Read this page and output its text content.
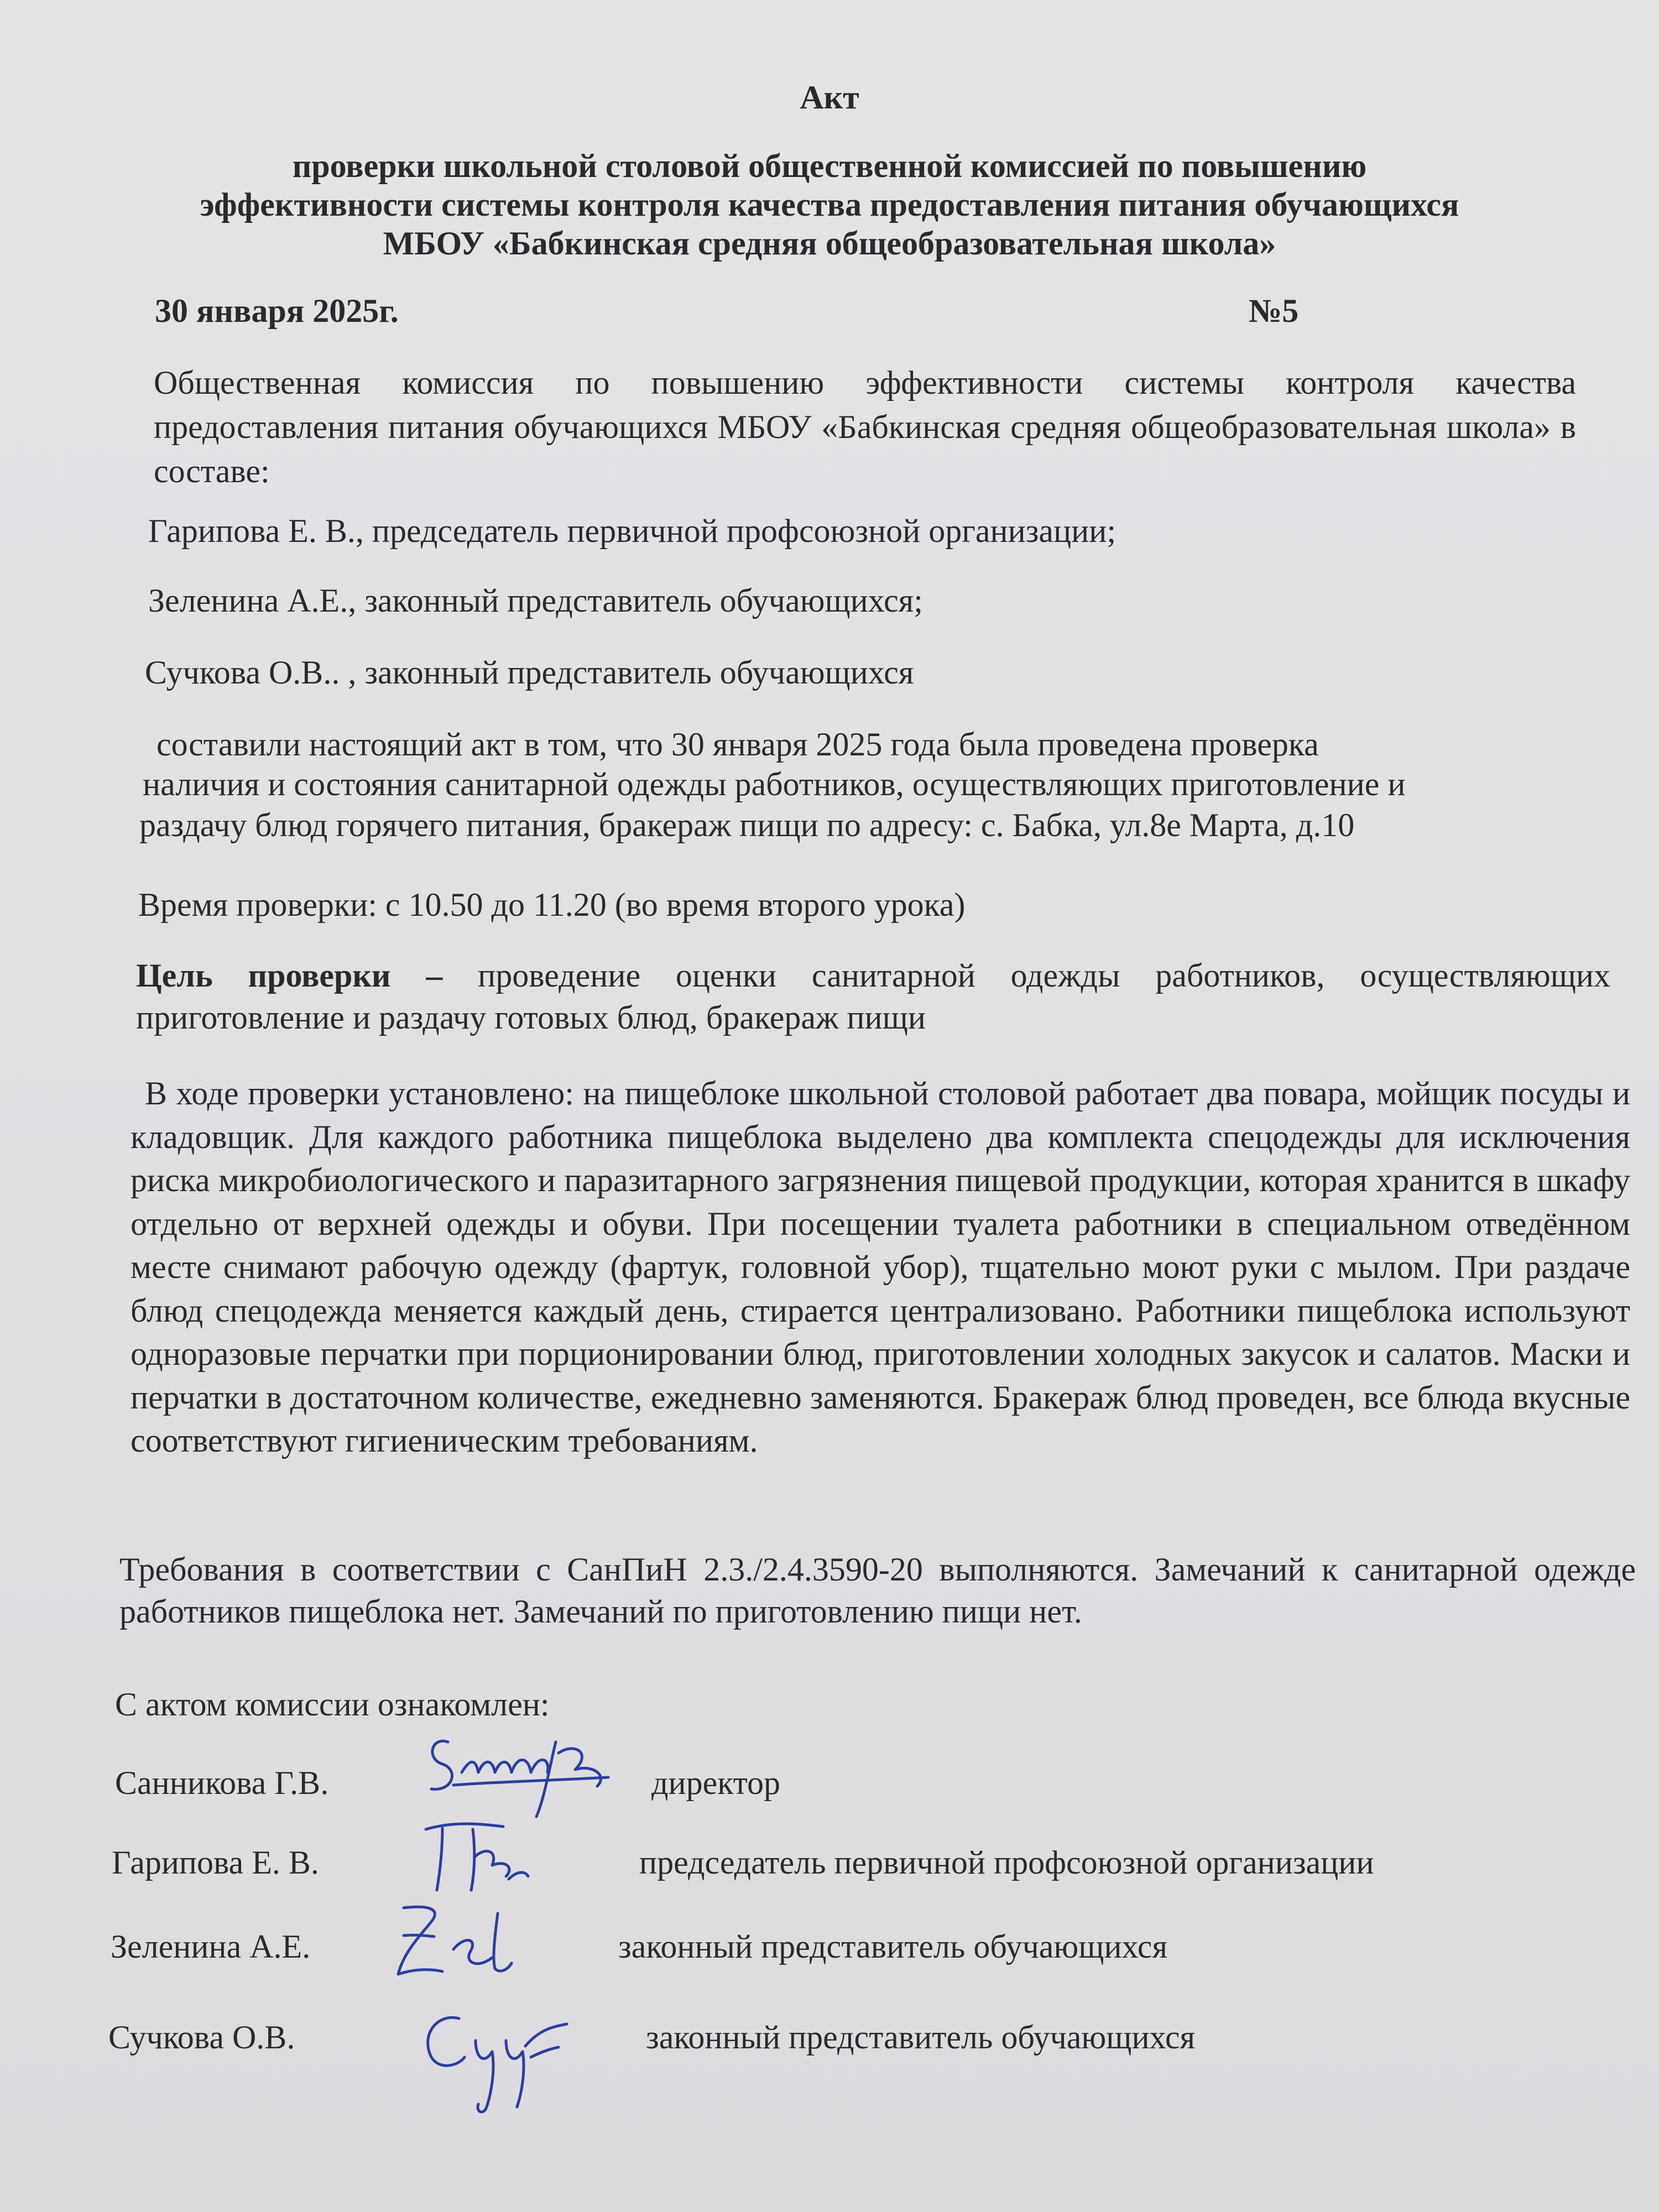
Акт
проверки школьной столовой общественной комиссией по повышению
эффективности системы контроля качества предоставления питания обучающихся
МБОУ «Бабкинская средняя общеобразовательная школа»
30 января 2025г.	№5
Общественная комиссия по повышению эффективности системы контроля качества предоставления питания обучающихся МБОУ «Бабкинская средняя общеобразовательная школа» в составе:
Гарипова Е. В., председатель первичной профсоюзной организации;
Зеленина А.Е., законный представитель обучающихся;
Сучкова О.В.. , законный представитель обучающихся
составили настоящий акт в том, что 30 января 2025 года была проведена проверка
наличия и состояния санитарной одежды работников, осуществляющих приготовление и
раздачу блюд горячего питания, бракераж пищи по адресу: с. Бабка, ул.8е Марта, д.10
Время проверки: с 10.50 до 11.20 (во время второго урока)
Цель проверки – проведение оценки санитарной одежды работников, осуществляющих приготовление и раздачу готовых блюд, бракераж пищи
В ходе проверки установлено: на пищеблоке школьной столовой работает два повара, мойщик посуды и кладовщик. Для каждого работника пищеблока выделено два комплекта спецодежды для исключения риска микробиологического и паразитарного загрязнения пищевой продукции, которая хранится в шкафу отдельно от верхней одежды и обуви. При посещении туалета работники в специальном отведённом месте снимают рабочую одежду (фартук, головной убор), тщательно моют руки с мылом. При раздаче блюд спецодежда меняется каждый день, стирается централизовано. Работники пищеблока используют одноразовые перчатки при порционировании блюд, приготовлении холодных закусок и салатов. Маски и перчатки в достаточном количестве, ежедневно заменяются. Бракераж блюд проведен, все блюда вкусные соответствуют гигиеническим требованиям.
Требования в соответствии с СанПиН 2.3./2.4.3590-20 выполняются. Замечаний к санитарной одежде работников пищеблока нет. Замечаний по приготовлению пищи нет.
С актом комиссии ознакомлен:
Санникова Г.В.	директор
Гарипова Е. В.	председатель первичной профсоюзной организации
Зеленина А.Е.	законный представитель обучающихся
Сучкова О.В.	законный представитель обучающихся
